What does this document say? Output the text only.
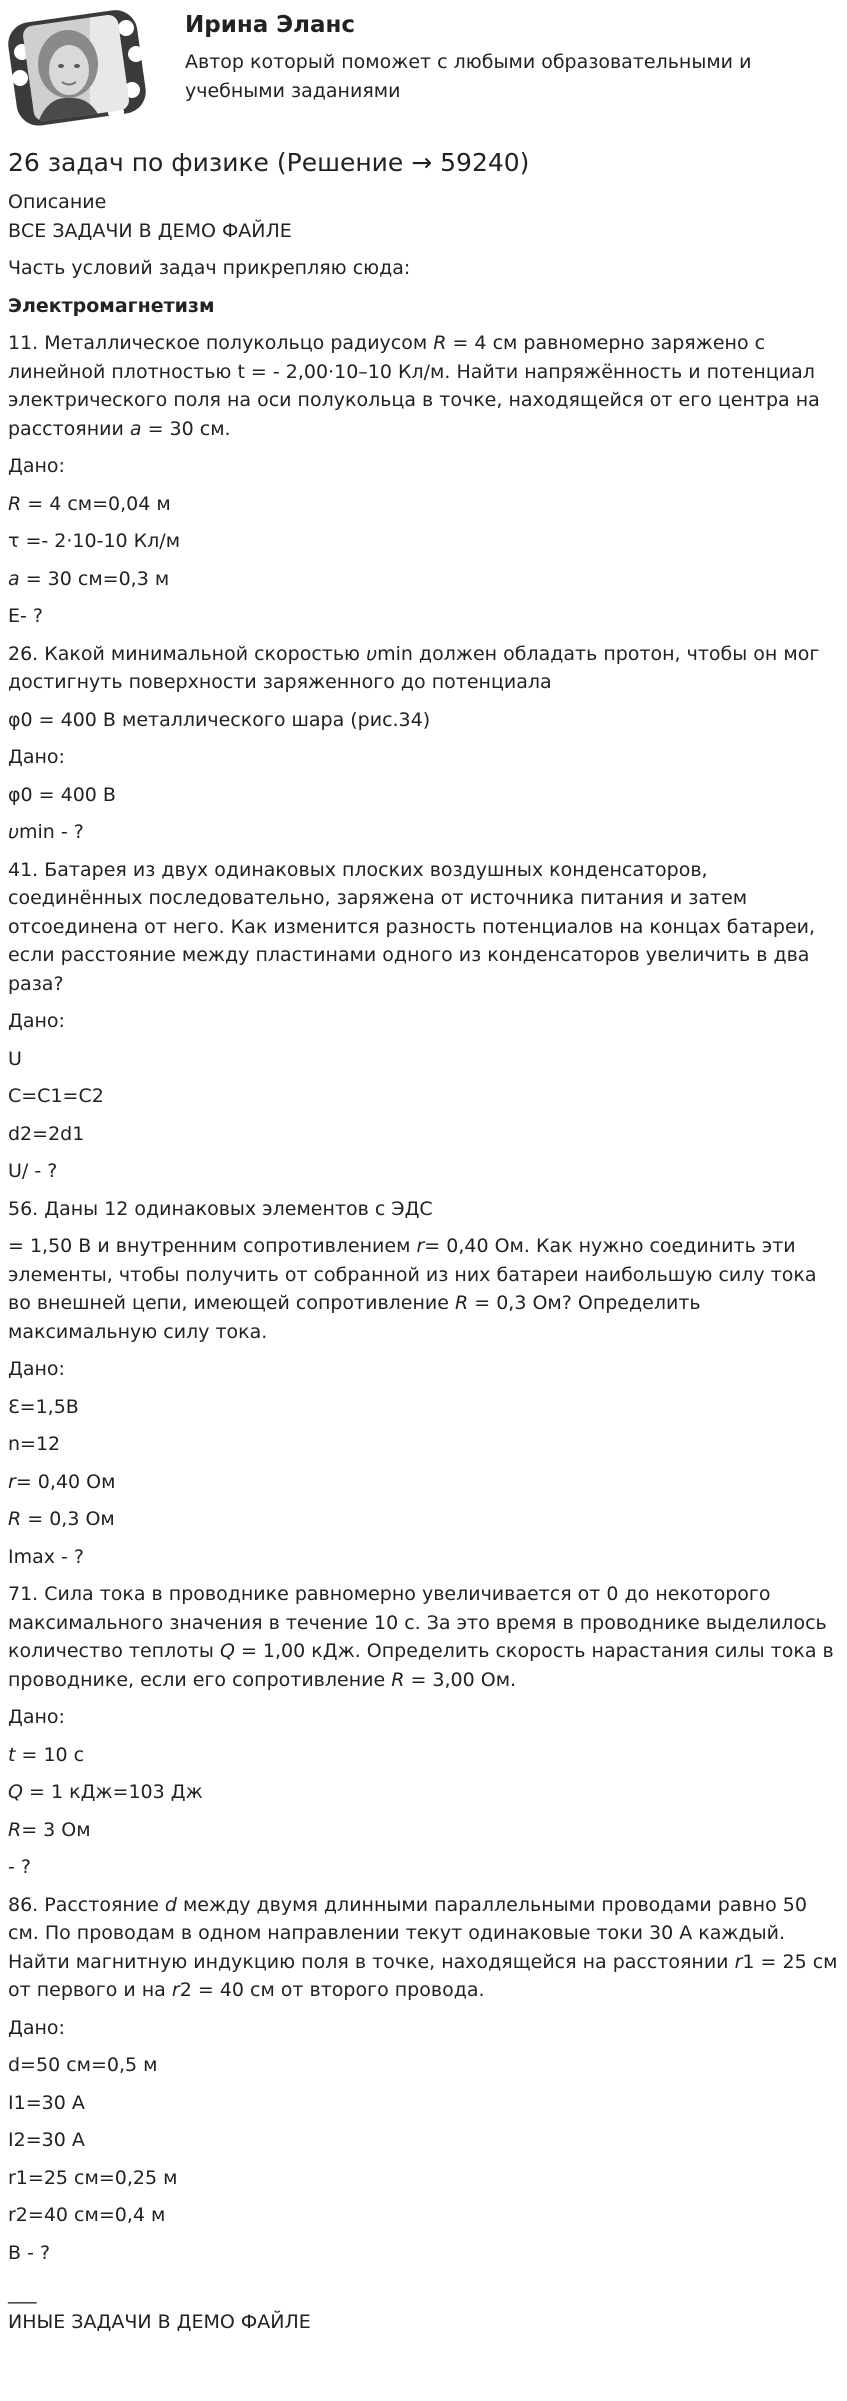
Ирина Эланс
Автор который поможет с любыми образовательными и учебными заданиями
26 задач по физике (Решение → 59240)

Описание

ВСЕ ЗАДАЧИ В ДЕМО ФАЙЛЕ

Часть условий задач прикрепляю сюда:

Электромагнетизм

11. Металлическое полукольцо радиусом R = 4 см равномерно заряжено с линейной плотностью t = - 2,00·10–10 Кл/м. Найти напряжённость и потенциал электрического поля на оси полукольца в точке, находящейся от его центра на расстоянии a = 30 см.

Дано:

R = 4 см=0,04 м

τ =- 2·10-10 Кл/м

a = 30 см=0,3 м

E- ?

26. Какой минимальной скоростью υmin должен обладать протон, чтобы он мог достигнуть поверхности заряженного до потенциала

φ0 = 400 В металлического шара (рис.34)

Дано:

φ0 = 400 В

υmin - ?

41. Батарея из двух одинаковых плоских воздушных конденсаторов, соединённых последовательно, заряжена от источника питания и затем отсоединена от него. Как изменится разность потенциалов на концах батареи, если расстояние между пластинами одного из конденсаторов увеличить в два раза?

Дано:

U

C=C1=C2

d2=2d1

U/ - ?

56. Даны 12 одинаковых элементов с ЭДС

= 1,50 В и внутренним сопротивлением r= 0,40 Ом. Как нужно соединить эти элементы, чтобы получить от собранной из них батареи наибольшую силу тока во внешней цепи, имеющей сопротивление R = 0,3 Ом? Определить максимальную силу тока.

Дано:

Ɛ=1,5В

n=12

r= 0,40 Ом

R = 0,3 Ом

Imax - ?

71. Сила тока в проводнике равномерно увеличивается от 0 до некоторого максимального значения в течение 10 с. За это время в проводнике выделилось количество теплоты Q = 1,00 кДж. Определить скорость нарастания силы тока в проводнике, если его сопротивление R = 3,00 Ом.

Дано:

t = 10 с

Q = 1 кДж=103 Дж

R= 3 Ом

- ?

86. Расстояние d между двумя длинными параллельными проводами равно 50 см. По проводам в одном направлении текут одинаковые токи 30 А каждый. Найти магнитную индукцию поля в точке, находящейся на расстоянии r1 = 25 см от первого и на r2 = 40 см от второго провода.

Дано:

d=50 см=0,5 м

I1=30 А

I2=30 А

r1=25 см=0,25 м

r2=40 см=0,4 м

B - ?

___

ИНЫЕ ЗАДАЧИ В ДЕМО ФАЙЛЕ
